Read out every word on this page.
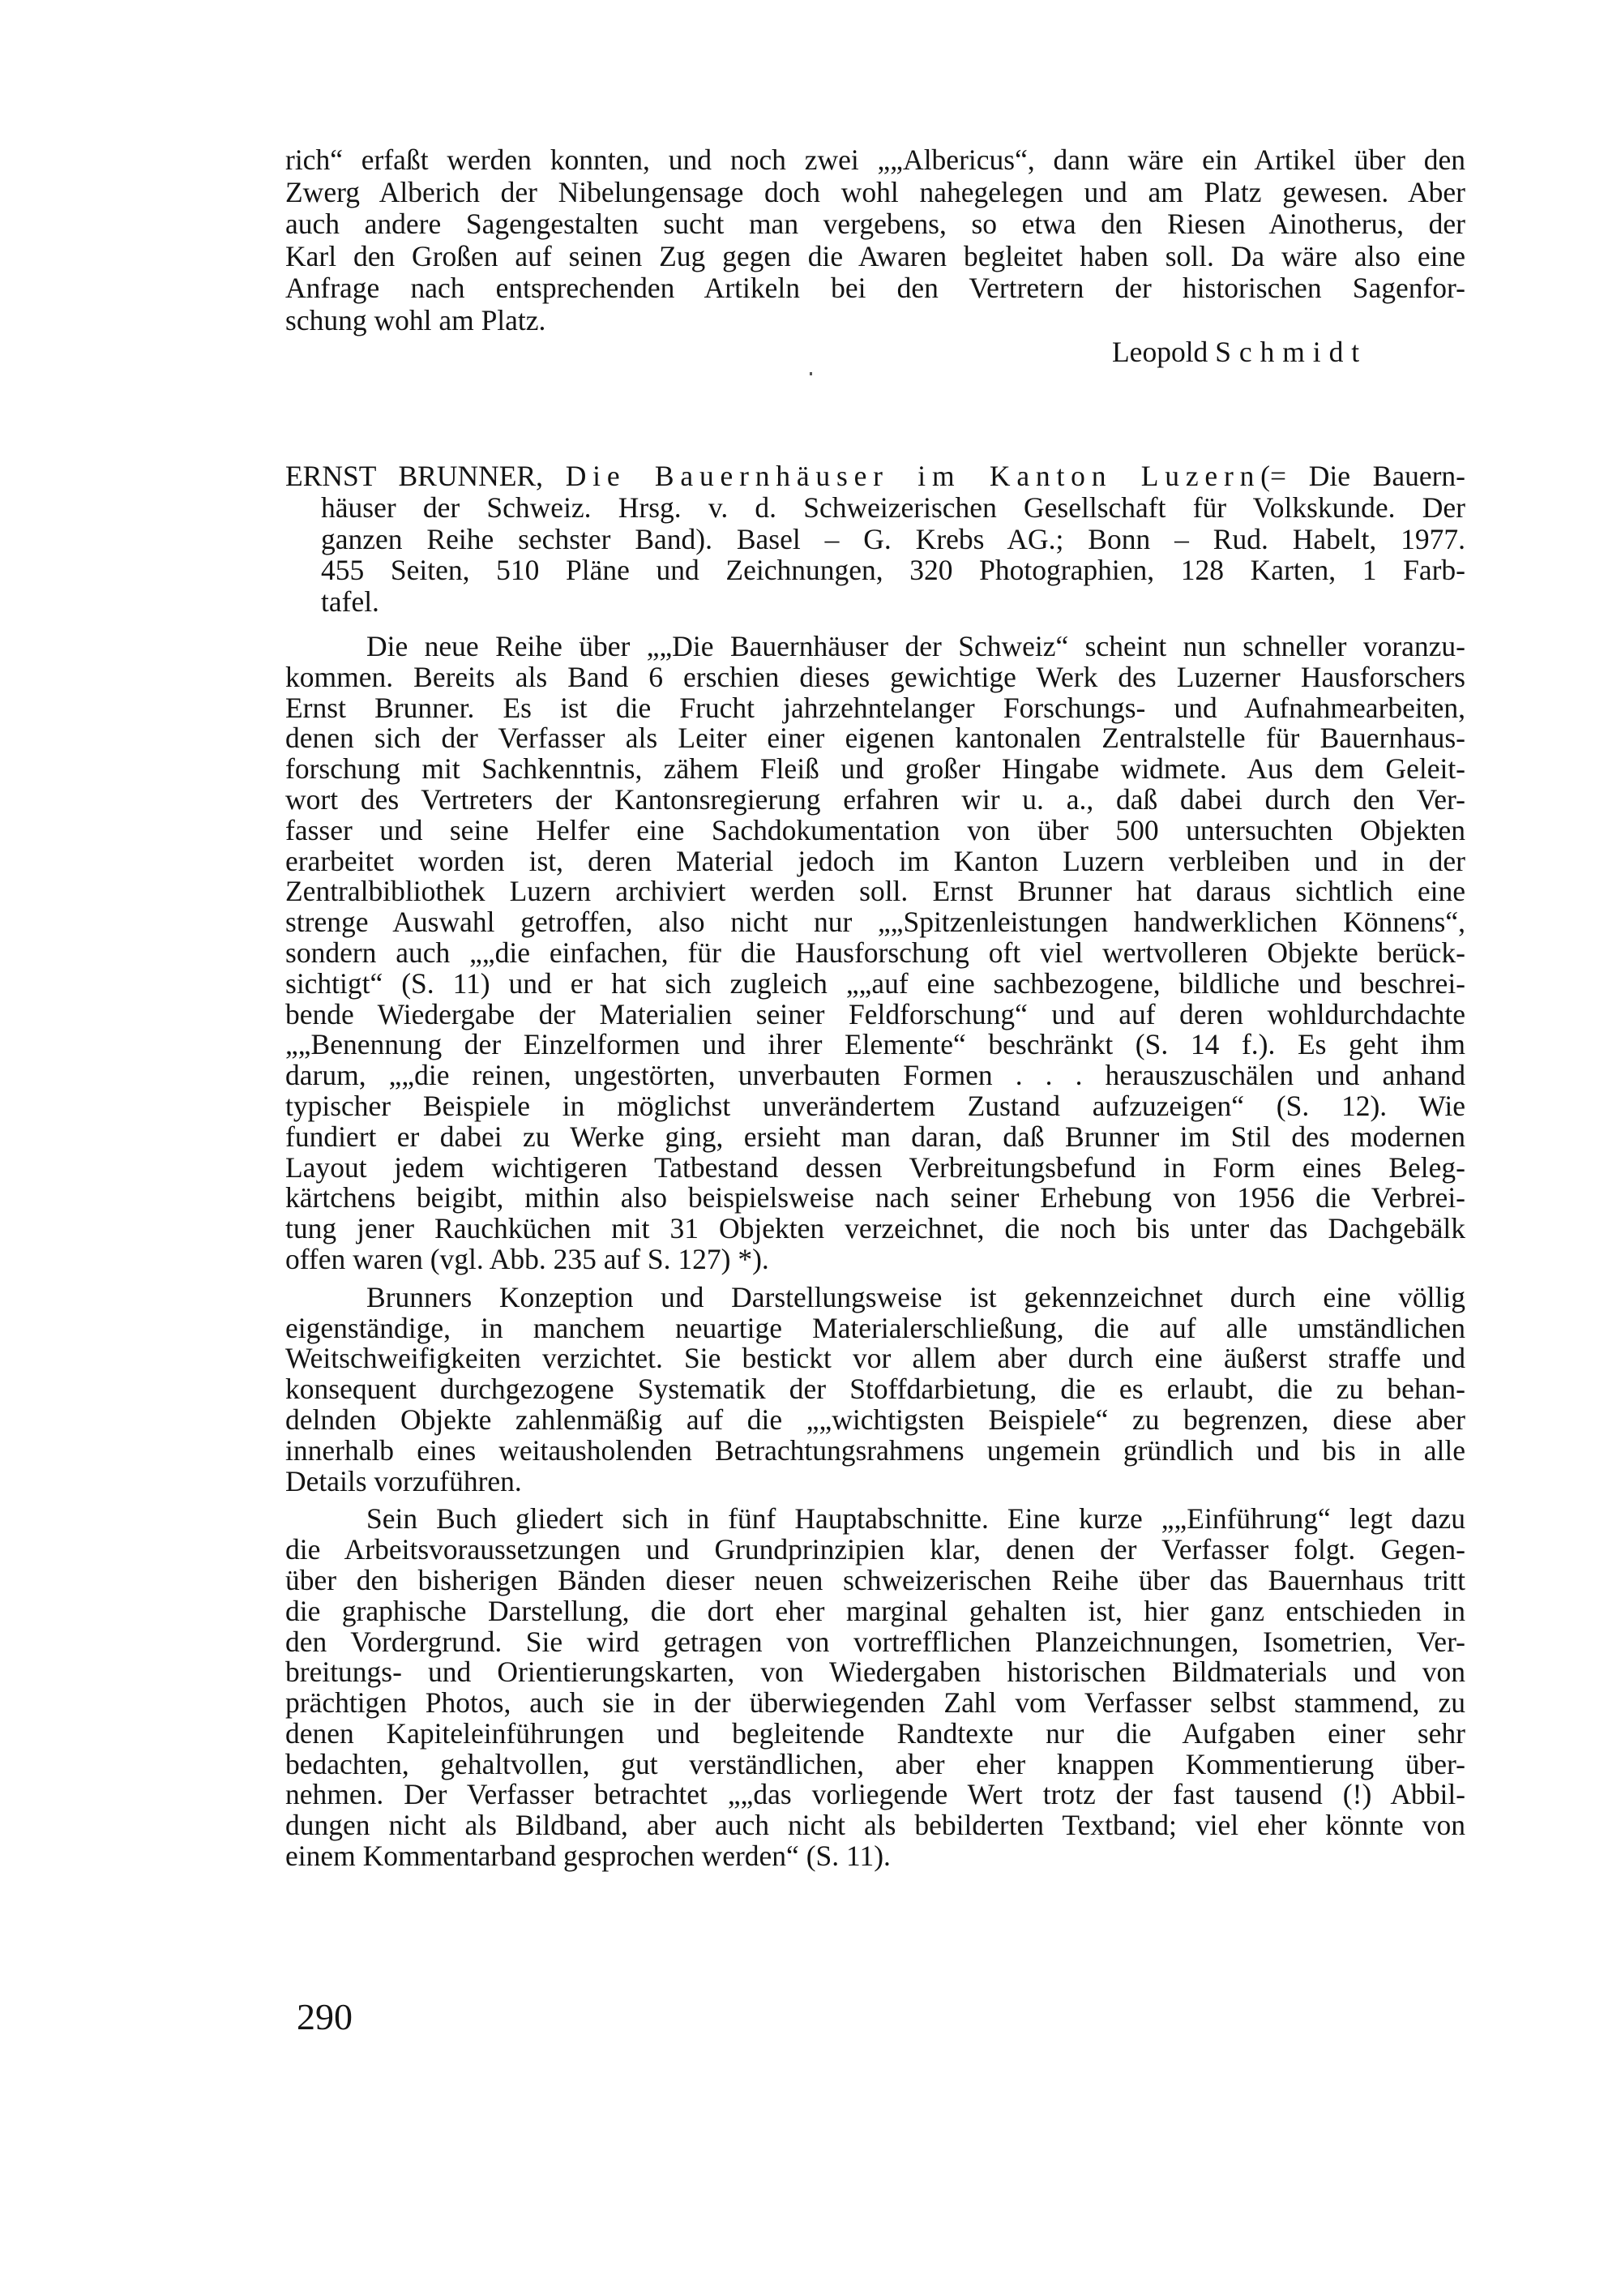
rich“ erfaßt werden konnten, und noch zwei „„Albericus“, dann wäre ein Artikel über den
Zwerg Alberich der Nibelungensage doch wohl nahegelegen und am Platz gewesen. Aber
auch andere Sagengestalten sucht man vergebens, so etwa den Riesen Ainotherus, der
Karl den Großen auf seinen Zug gegen die Awaren begleitet haben soll. Da wäre also eine
Anfrage nach entsprechenden Artikeln bei den Vertretern der historischen Sagenfor-
schung wohl am Platz.
Leopold Schmidt
ERNST BRUNNER, Die Bauernhäuser im Kanton Luzern(= Die Bauern-
häuser der Schweiz. Hrsg. v. d. Schweizerischen Gesellschaft für Volkskunde. Der
ganzen Reihe sechster Band). Basel – G. Krebs AG.; Bonn – Rud. Habelt, 1977.
455 Seiten, 510 Pläne und Zeichnungen, 320 Photographien, 128 Karten, 1 Farb-
tafel.
Die neue Reihe über „„Die Bauernhäuser der Schweiz“ scheint nun schneller voranzu-
kommen. Bereits als Band 6 erschien dieses gewichtige Werk des Luzerner Hausforschers
Ernst Brunner. Es ist die Frucht jahrzehntelanger Forschungs- und Aufnahmearbeiten,
denen sich der Verfasser als Leiter einer eigenen kantonalen Zentralstelle für Bauernhaus-
forschung mit Sachkenntnis, zähem Fleiß und großer Hingabe widmete. Aus dem Geleit-
wort des Vertreters der Kantonsregierung erfahren wir u. a., daß dabei durch den Ver-
fasser und seine Helfer eine Sachdokumentation von über 500 untersuchten Objekten
erarbeitet worden ist, deren Material jedoch im Kanton Luzern verbleiben und in der
Zentralbibliothek Luzern archiviert werden soll. Ernst Brunner hat daraus sichtlich eine
strenge Auswahl getroffen, also nicht nur „„Spitzenleistungen handwerklichen Könnens“,
sondern auch „„die einfachen, für die Hausforschung oft viel wertvolleren Objekte berück-
sichtigt“ (S. 11) und er hat sich zugleich „„auf eine sachbezogene, bildliche und beschrei-
bende Wiedergabe der Materialien seiner Feldforschung“ und auf deren wohldurchdachte
„„Benennung der Einzelformen und ihrer Elemente“ beschränkt (S. 14 f.). Es geht ihm
darum, „„die reinen, ungestörten, unverbauten Formen . . . herauszuschälen und anhand
typischer Beispiele in möglichst unverändertem Zustand aufzuzeigen“ (S. 12). Wie
fundiert er dabei zu Werke ging, ersieht man daran, daß Brunner im Stil des modernen
Layout jedem wichtigeren Tatbestand dessen Verbreitungsbefund in Form eines Beleg-
kärtchens beigibt, mithin also beispielsweise nach seiner Erhebung von 1956 die Verbrei-
tung jener Rauchküchen mit 31 Objekten verzeichnet, die noch bis unter das Dachgebälk
offen waren (vgl. Abb. 235 auf S. 127) *).
Brunners Konzeption und Darstellungsweise ist gekennzeichnet durch eine völlig
eigenständige, in manchem neuartige Materialerschließung, die auf alle umständlichen
Weitschweifigkeiten verzichtet. Sie bestickt vor allem aber durch eine äußerst straffe und
konsequent durchgezogene Systematik der Stoffdarbietung, die es erlaubt, die zu behan-
delnden Objekte zahlenmäßig auf die „„wichtigsten Beispiele“ zu begrenzen, diese aber
innerhalb eines weitausholenden Betrachtungsrahmens ungemein gründlich und bis in alle
Details vorzuführen.
Sein Buch gliedert sich in fünf Hauptabschnitte. Eine kurze „„Einführung“ legt dazu
die Arbeitsvoraussetzungen und Grundprinzipien klar, denen der Verfasser folgt. Gegen-
über den bisherigen Bänden dieser neuen schweizerischen Reihe über das Bauernhaus tritt
die graphische Darstellung, die dort eher marginal gehalten ist, hier ganz entschieden in
den Vordergrund. Sie wird getragen von vortrefflichen Planzeichnungen, Isometrien, Ver-
breitungs- und Orientierungskarten, von Wiedergaben historischen Bildmaterials und von
prächtigen Photos, auch sie in der überwiegenden Zahl vom Verfasser selbst stammend, zu
denen Kapiteleinführungen und begleitende Randtexte nur die Aufgaben einer sehr
bedachten, gehaltvollen, gut verständlichen, aber eher knappen Kommentierung über-
nehmen. Der Verfasser betrachtet „„das vorliegende Wert trotz der fast tausend (!) Abbil-
dungen nicht als Bildband, aber auch nicht als bebilderten Textband; viel eher könnte von
einem Kommentarband gesprochen werden“ (S. 11).
290
